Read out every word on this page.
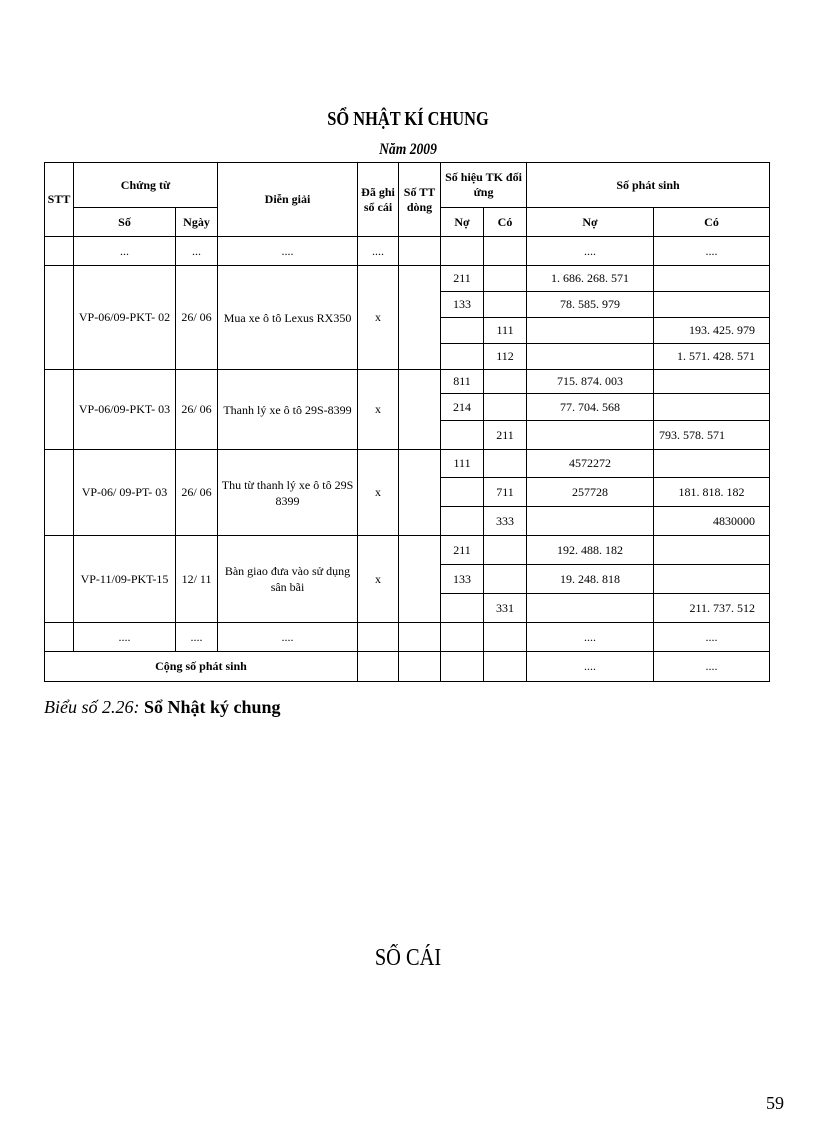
SỔ NHẬT KÍ CHUNG
Năm 2009
STT	Chứng từ		Diễn giải	Đã ghi sổ cái	Số TT dòng	Số hiệu TK đối ứng		Số phát sinh	
	Số	Ngày				Nợ	Có	Nợ	Có
	...	...	....	....				....	....
	VP-06/09-PKT- 02	26/ 06	Mua xe ô tô Lexus RX350	x		211		1. 686. 268. 571	
						133		78. 585. 979	
							111		193. 425. 979
							112		1. 571. 428. 571
	VP-06/09-PKT- 03	26/ 06	Thanh lý xe ô tô 29S-8399	x		811		715. 874. 003	
						214		77. 704. 568	
							211		793. 578. 571
	VP-06/ 09-PT- 03	26/ 06	Thu từ thanh lý xe ô tô 29S 8399	x		111		4572272	
							711	257728	181. 818. 182
							333		4830000
	VP-11/09-PKT-15	12/ 11	Bàn giao đưa vào sử dụng sân bãi	x		211		192. 488. 182	
						133		19. 248. 818	
							331		211. 737. 512
	....	....	....					....	....
Cộng số phát sinh								....	....
Biểu số 2.26: Sổ Nhật ký chung
SỔ CÁI
59
